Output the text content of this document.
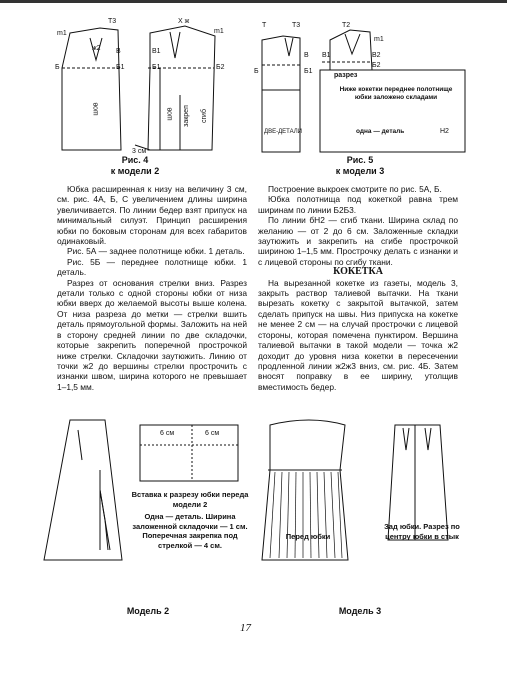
Т3
m1
Х ж
ж2 В	В1
m1
Б	Б1	Б1	Б2
шов	шов закреп сгиб
3 см
Рис. 4
к модели 2
Т	Т3	Т2
m1
В В1	В2
Б	Б1
Б2
разрез
ДВЕ-ДЕТАЛИ	Н2
Ниже кокетки переднее полотнище юбки заложено складами
одна — деталь
Рис. 5
к модели 3

Юбка расширенная к низу на величину 3 см, см. рис. 4А, Б, С увеличением длины ширина увеличивается. По линии бедер взят припуск на минимальный силуэт. Принцип расширения юбки по боковым сторонам для всех габаритов одинаковый.

Рис. 5А — заднее полотнище юбки. 1 деталь.

Рис. 5Б — переднее полотнище юбки. 1 деталь.

Разрез от основания стрелки вниз. Разрез детали только с одной стороны юбки от низа юбки вверх до желаемой высоты выше колена. От низа разреза до метки — стрелки вшить деталь прямоугольной формы. Заложить на ней в сторону средней линии по две складочки, которые закрепить поперечной прострочкой ниже стрелки. Складочки заутюжить. Линию от точки ж2 до вершины стрелки прострочить с изнанки швом, ширина которого не превышает 1–1,5 мм.

Построение выкроек смотрите по рис. 5А, Б.

Юбка полотнища под кокеткой равна трем ширинам по линии Б2Б3.

По линии бН2 — сгиб ткани. Ширина склад по желанию — от 2 до 6 см. Заложенные складки заутюжить и закрепить на сгибе прострочкой шириною 1–1,5 мм. Прострочку делать с изнанки и с лицевой стороны по сгибу ткани.

КОКЕТКА

На вырезанной кокетке из газеты, модель 3, закрыть раствор талиевой вытачки. На ткани вырезать кокетку с закрытой вытачкой, затем сделать припуск на швы. Низ припуска на кокетке не менее 2 см — на случай прострочки с лицевой стороны, которая помечена пунктиром. Вершина талиевой вытачки в такой модели — точка ж2 доходит до уровня низа кокетки в пересечении продленной линии ж2ж3 вниз, см. рис. 4Б. Затем вносят поправку в ее ширину, утолщив вместимость бедер.

6 см	6 см
Вставка к разрезу юбки переда модели 2
Одна — деталь. Ширина заложенной складочки — 1 см. Поперечная закрепка под стрелкой — 4 см.
Перед юбки
Зад юбки. Разрез по центру юбки в стык
Модель 2	Модель 3
17
